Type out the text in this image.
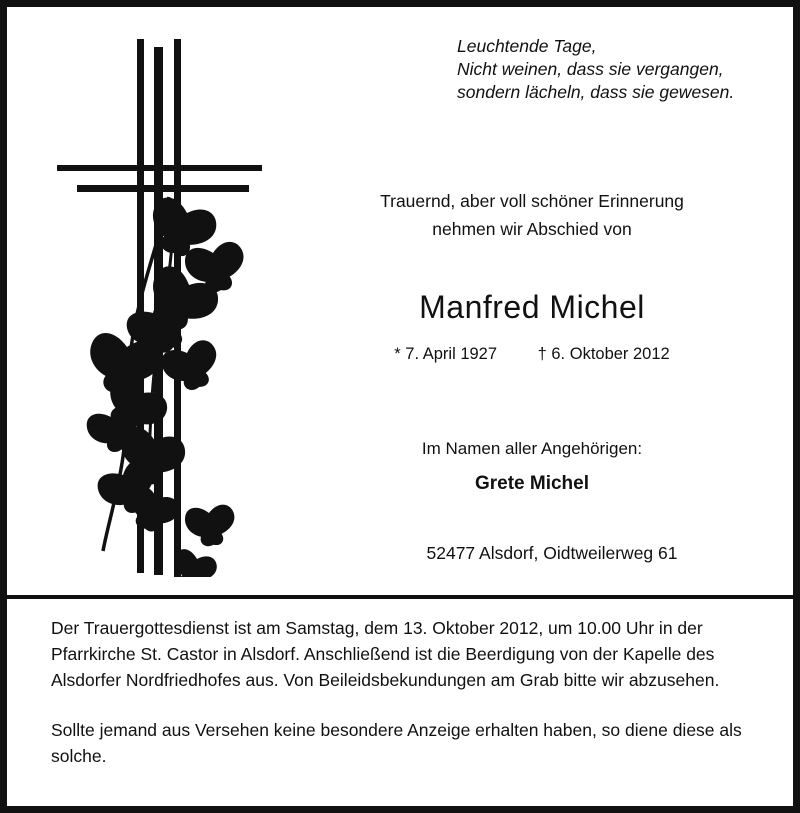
Leuchtende Tage,
Nicht weinen, dass sie vergangen,
sondern lächeln, dass sie gewesen.
Trauernd, aber voll schöner Erinnerung
nehmen wir Abschied von
Manfred Michel
* 7. April 1927 † 6. Oktober 2012
Im Namen aller Angehörigen:
Grete Michel
52477 Alsdorf, Oidtweilerweg 61

Der Trauergottesdienst ist am Samstag, dem 13. Oktober 2012, um 10.00 Uhr in der Pfarrkirche St. Castor in Alsdorf. Anschließend ist die Beerdigung von der Kapelle des Alsdorfer Nordfriedhofes aus. Von Beileidsbekundungen am Grab bitte wir abzusehen.

Sollte jemand aus Versehen keine besondere Anzeige erhalten haben, so diene diese als solche.
